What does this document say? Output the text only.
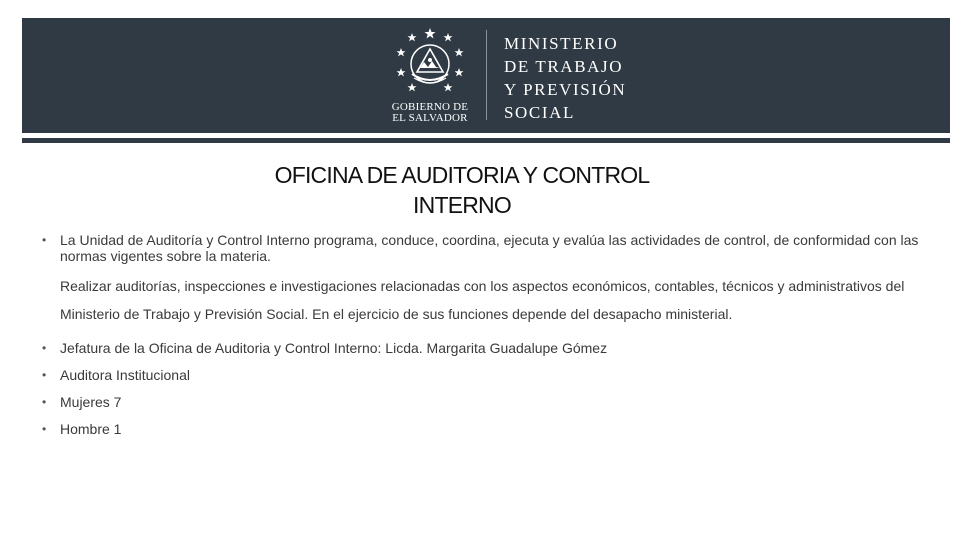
GOBIERNO DE
EL SALVADOR
MINISTERIO
DE TRABAJO
Y PREVISIÓN
SOCIAL
OFICINA DE AUDITORIA Y CONTROL
INTERNO
• La Unidad de Auditoría y Control Interno programa, conduce, coordina, ejecuta y evalúa las actividades de control, de conformidad con las normas vigentes sobre la materia.
Realizar auditorías, inspecciones e investigaciones relacionadas con los aspectos económicos, contables, técnicos y administrativos del Ministerio de Trabajo y Previsión Social. En el ejercicio de sus funciones depende del desapacho ministerial.
• Jefatura de la Oficina de Auditoria y Control Interno: Licda. Margarita Guadalupe Gómez
• Auditora Institucional
• Mujeres 7
• Hombre 1
